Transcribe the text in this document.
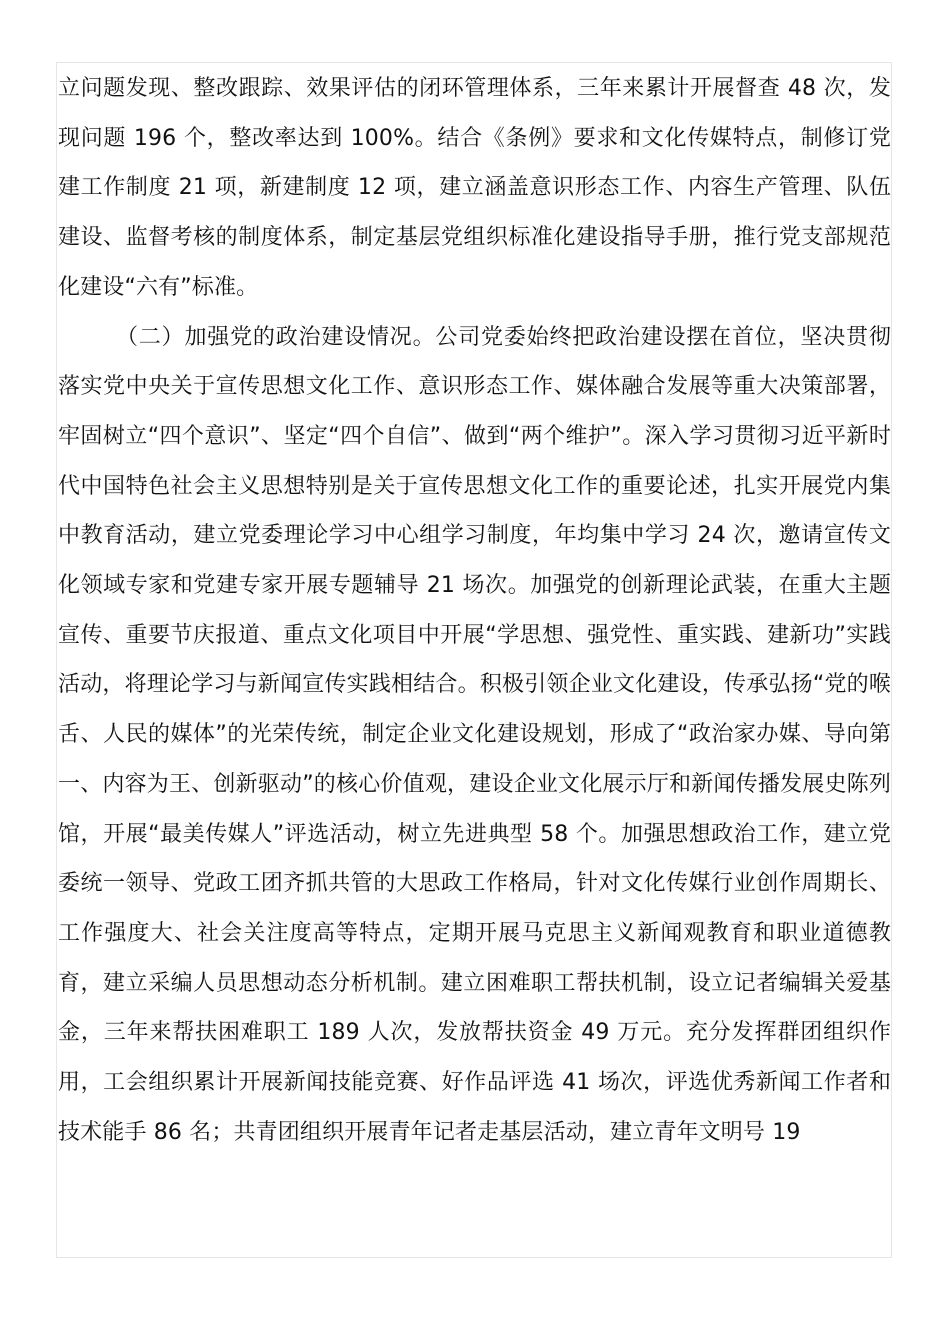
立问题发现、整改跟踪、效果评估的闭环管理体系，三年来累计开展督查 48 次，发现问题 196 个，整改率达到 100%。结合《条例》要求和文化传媒特点，制修订党建工作制度 21 项，新建制度 12 项，建立涵盖意识形态工作、内容生产管理、队伍建设、监督考核的制度体系，制定基层党组织标准化建设指导手册，推行党支部规范化建设“六有”标准。

（二）加强党的政治建设情况。公司党委始终把政治建设摆在首位，坚决贯彻落实党中央关于宣传思想文化工作、意识形态工作、媒体融合发展等重大决策部署，牢固树立“四个意识”、坚定“四个自信”、做到“两个维护”。深入学习贯彻习近平新时代中国特色社会主义思想特别是关于宣传思想文化工作的重要论述，扎实开展党内集中教育活动，建立党委理论学习中心组学习制度，年均集中学习 24 次，邀请宣传文化领域专家和党建专家开展专题辅导 21 场次。加强党的创新理论武装，在重大主题宣传、重要节庆报道、重点文化项目中开展“学思想、强党性、重实践、建新功”实践活动，将理论学习与新闻宣传实践相结合。积极引领企业文化建设，传承弘扬“党的喉舌、人民的媒体”的光荣传统，制定企业文化建设规划，形成了“政治家办媒、导向第一、内容为王、创新驱动”的核心价值观，建设企业文化展示厅和新闻传播发展史陈列馆，开展“最美传媒人”评选活动，树立先进典型 58 个。加强思想政治工作，建立党委统一领导、党政工团齐抓共管的大思政工作格局，针对文化传媒行业创作周期长、工作强度大、社会关注度高等特点，定期开展马克思主义新闻观教育和职业道德教育，建立采编人员思想动态分析机制。建立困难职工帮扶机制，设立记者编辑关爱基金，三年来帮扶困难职工 189 人次，发放帮扶资金 49 万元。充分发挥群团组织作用，工会组织累计开展新闻技能竞赛、好作品评选 41 场次，评选优秀新闻工作者和技术能手 86 名；共青团组织开展青年记者走基层活动，建立青年文明号 19
